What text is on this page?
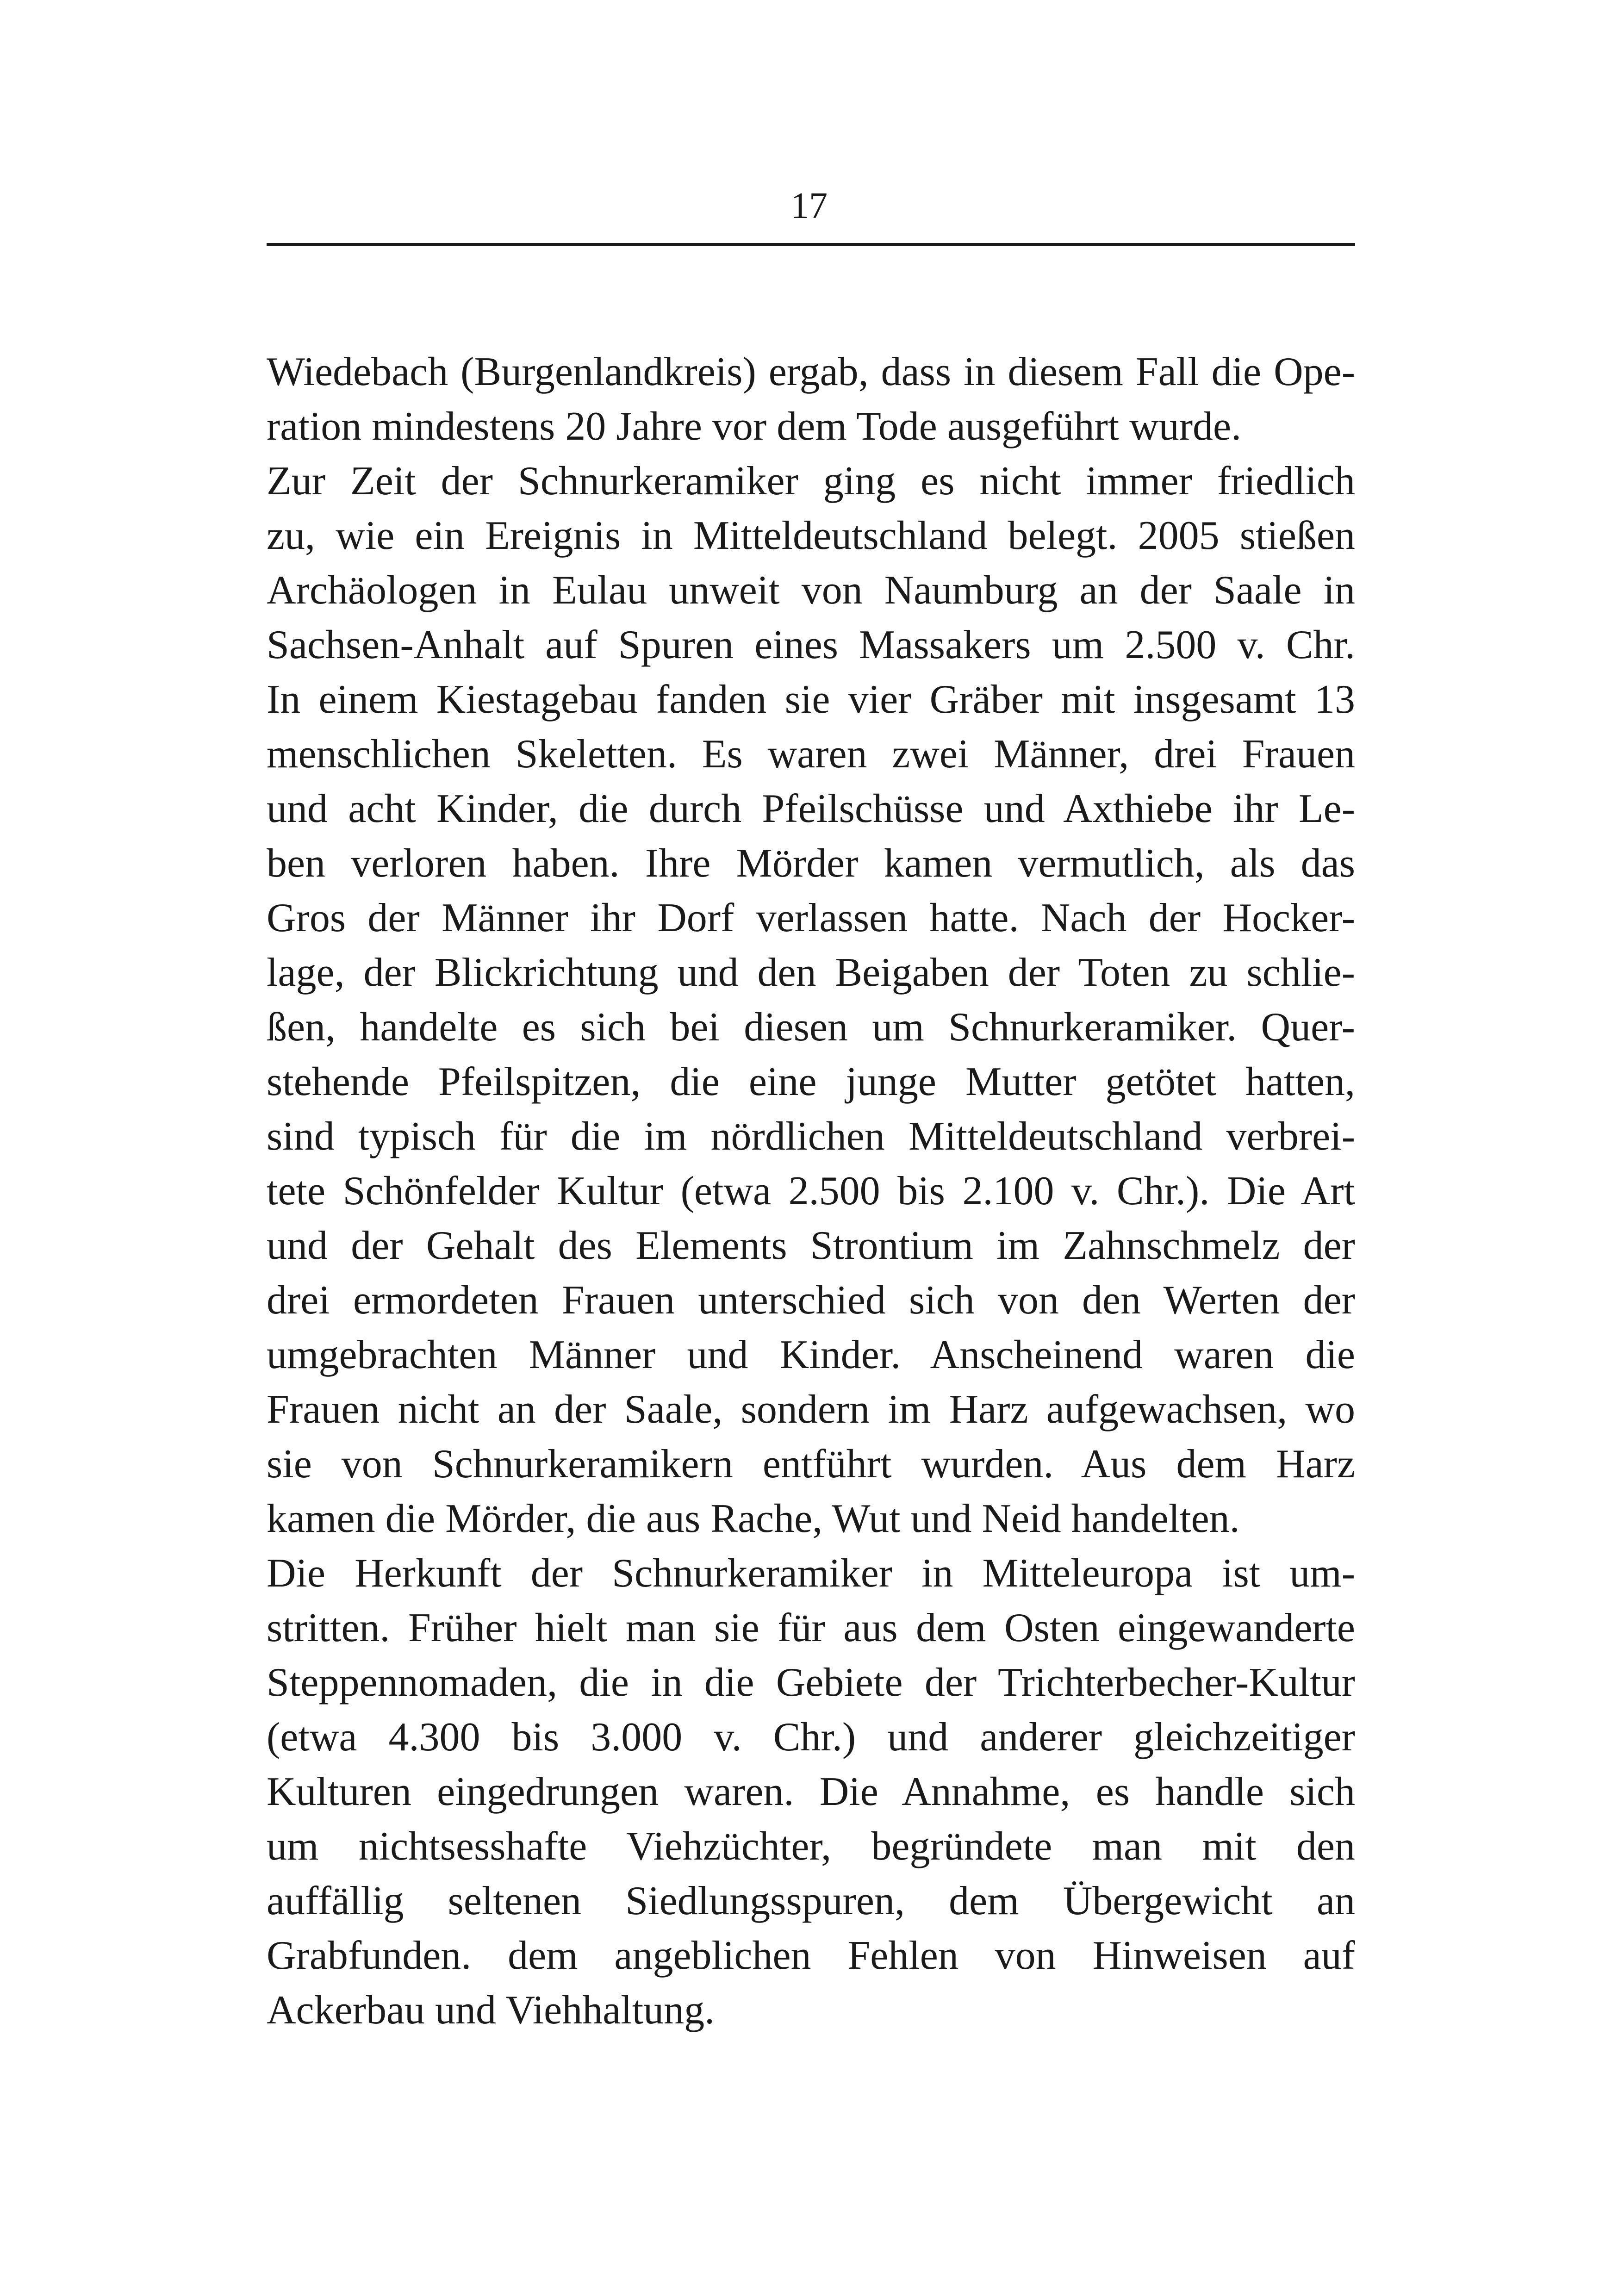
17
Wiedebach (Burgenlandkreis) ergab, dass in diesem Fall die Ope-
ration mindestens 20 Jahre vor dem Tode ausgeführt wurde.
Zur Zeit der Schnurkeramiker ging es nicht immer friedlich
zu, wie ein Ereignis in Mitteldeutschland belegt. 2005 stießen
Archäologen in Eulau unweit von Naumburg an der Saale in
Sachsen-Anhalt auf Spuren eines Massakers um 2.500 v. Chr.
In einem Kiestagebau fanden sie vier Gräber mit insgesamt 13
menschlichen Skeletten. Es waren zwei Männer, drei Frauen
und acht Kinder, die durch Pfeilschüsse und Axthiebe ihr Le-
ben verloren haben. Ihre Mörder kamen vermutlich, als das
Gros der Männer ihr Dorf verlassen hatte. Nach der Hocker-
lage, der Blickrichtung und den Beigaben der Toten zu schlie-
ßen, handelte es sich bei diesen um Schnurkeramiker. Quer-
stehende Pfeilspitzen, die eine junge Mutter getötet hatten,
sind typisch für die im nördlichen Mitteldeutschland verbrei-
tete Schönfelder Kultur (etwa 2.500 bis 2.100 v. Chr.). Die Art
und der Gehalt des Elements Strontium im Zahnschmelz der
drei ermordeten Frauen unterschied sich von den Werten der
umgebrachten Männer und Kinder. Anscheinend waren die
Frauen nicht an der Saale, sondern im Harz aufgewachsen, wo
sie von Schnurkeramikern entführt wurden. Aus dem Harz
kamen die Mörder, die aus Rache, Wut und Neid handelten.
Die Herkunft der Schnurkeramiker in Mitteleuropa ist um-
stritten. Früher hielt man sie für aus dem Osten eingewanderte
Steppennomaden, die in die Gebiete der Trichterbecher-Kultur
(etwa 4.300 bis 3.000 v. Chr.) und anderer gleichzeitiger
Kulturen eingedrungen waren. Die Annahme, es handle sich
um nichtsesshafte Viehzüchter, begründete man mit den
auffällig seltenen Siedlungsspuren, dem Übergewicht an
Grabfunden. dem angeblichen Fehlen von Hinweisen auf
Ackerbau und Viehhaltung.
